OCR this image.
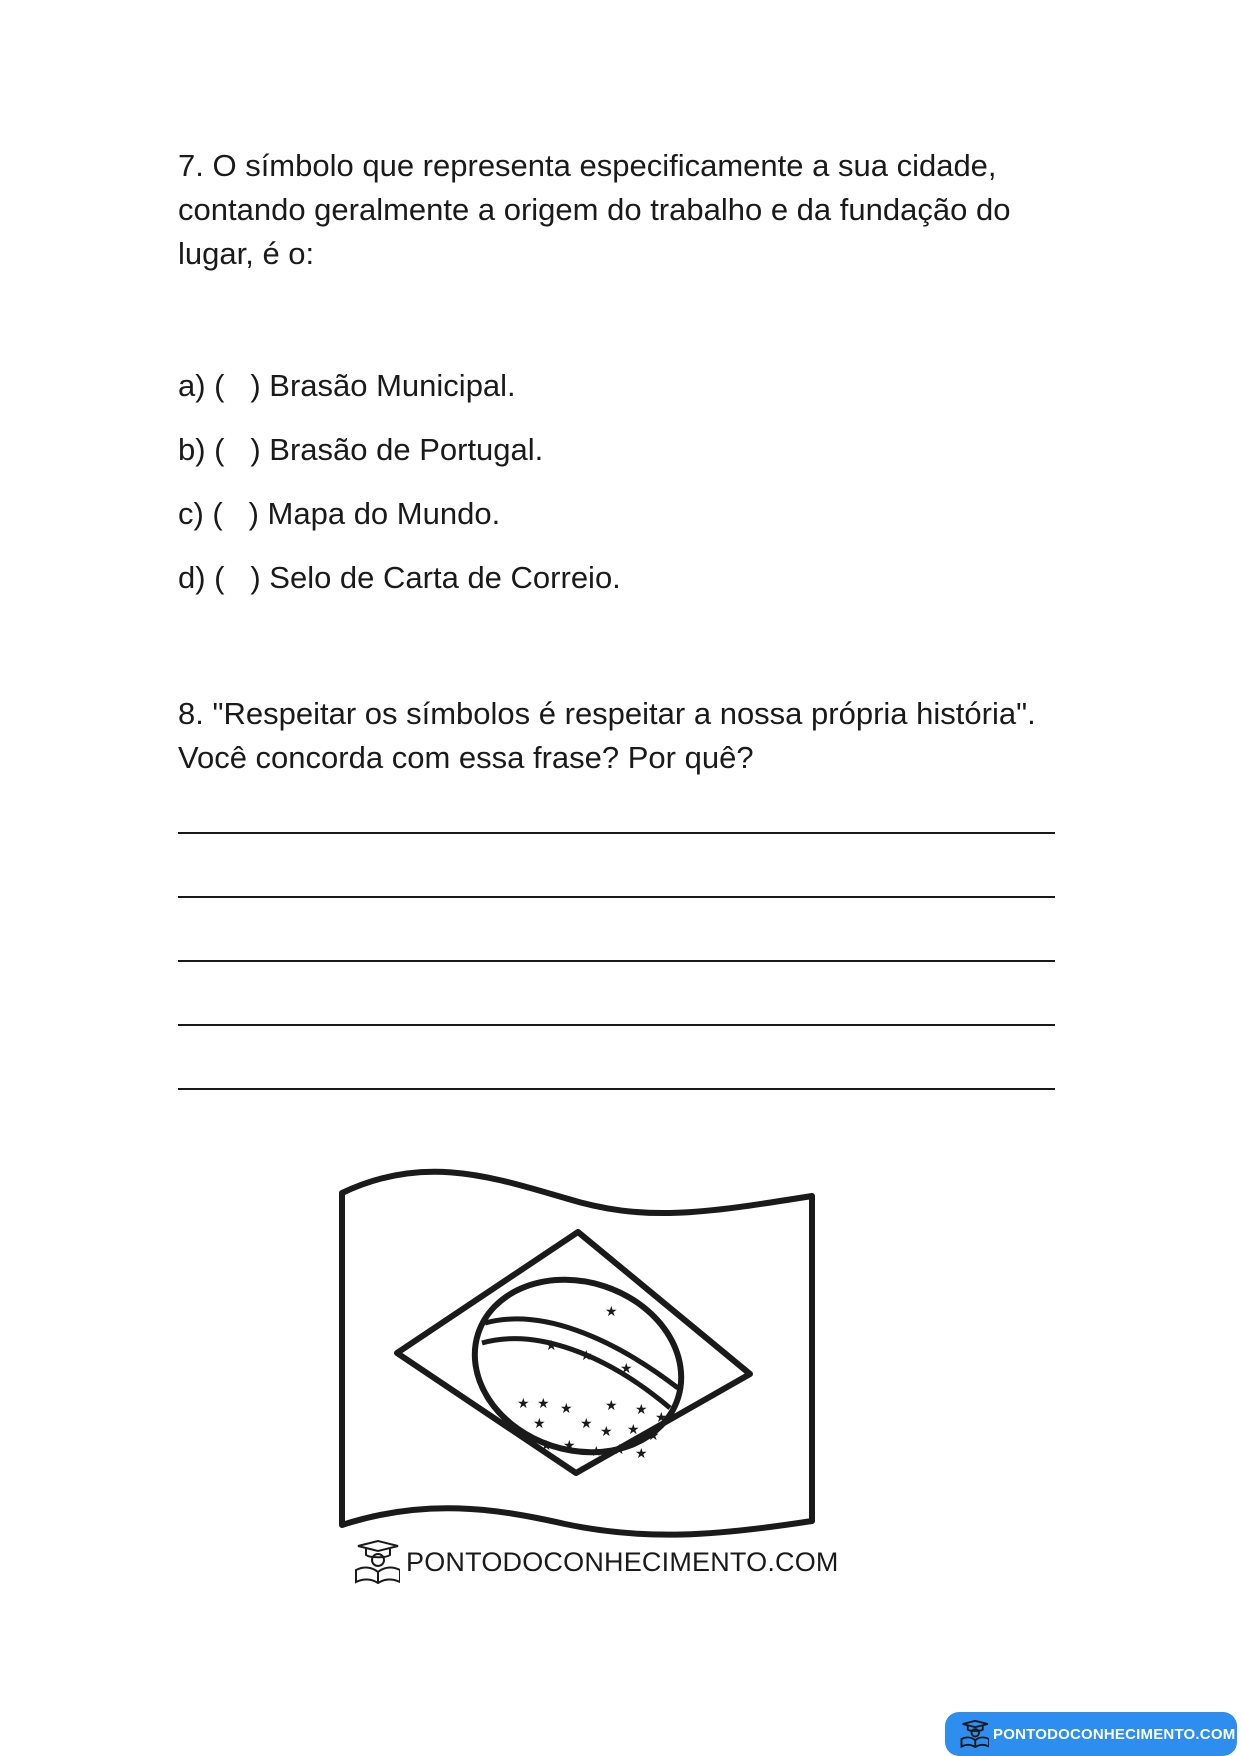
7. O símbolo que representa especificamente a sua cidade, contando geralmente a origem do trabalho e da fundação do lugar, é o:

a) (   ) Brasão Municipal.

b) (   ) Brasão de Portugal.

c) (   ) Mapa do Mundo.

d) (   ) Selo de Carta de Correio.

8. "Respeitar os símbolos é respeitar a nossa própria história". Você concorda com essa frase? Por quê?

★
★
★
★
★ ★ ★ ★ ★ ★
★ ★ ★ ★ ★
★ ★ ★ ★ ★
PONTODOCONHECIMENTO.COM
PONTODOCONHECIMENTO.COM
